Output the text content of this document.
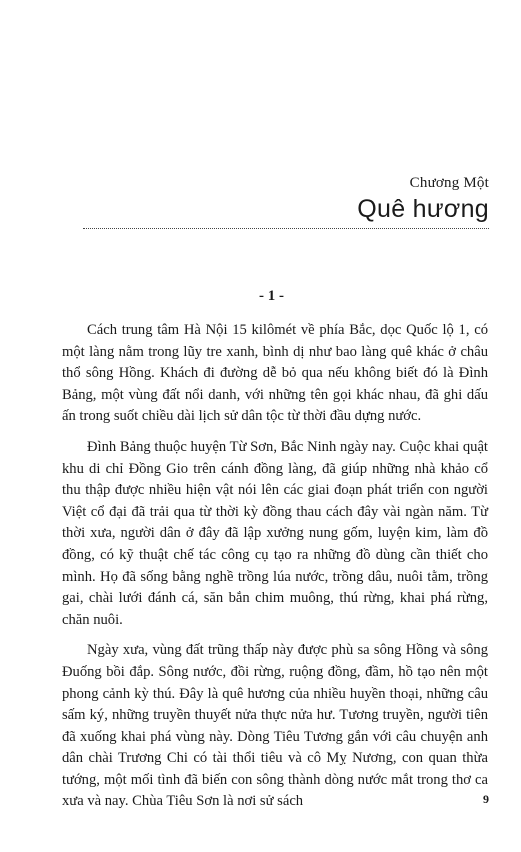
Chương Một
Quê hương
- 1 -

Cách trung tâm Hà Nội 15 kilômét về phía Bắc, dọc Quốc lộ 1, có một làng nằm trong lũy tre xanh, bình dị như bao làng quê khác ở châu thổ sông Hồng. Khách đi đường dễ bỏ qua nếu không biết đó là Đình Bảng, một vùng đất nổi danh, với những tên gọi khác nhau, đã ghi dấu ấn trong suốt chiều dài lịch sử dân tộc từ thời đầu dựng nước.

Đình Bảng thuộc huyện Từ Sơn, Bắc Ninh ngày nay. Cuộc khai quật khu di chỉ Đồng Gio trên cánh đồng làng, đã giúp những nhà khảo cổ thu thập được nhiều hiện vật nói lên các giai đoạn phát triển con người Việt cổ đại đã trải qua từ thời kỳ đồng thau cách đây vài ngàn năm. Từ thời xưa, người dân ở đây đã lập xưởng nung gốm, luyện kim, làm đồ đồng, có kỹ thuật chế tác công cụ tạo ra những đồ dùng cần thiết cho mình. Họ đã sống bằng nghề trồng lúa nước, trồng dâu, nuôi tằm, trồng gai, chài lưới đánh cá, săn bắn chim muông, thú rừng, khai phá rừng, chăn nuôi.

Ngày xưa, vùng đất trũng thấp này được phù sa sông Hồng và sông Đuống bồi đắp. Sông nước, đồi rừng, ruộng đồng, đầm, hồ tạo nên một phong cảnh kỳ thú. Đây là quê hương của nhiều huyền thoại, những câu sấm ký, những truyền thuyết nửa thực nửa hư. Tương truyền, người tiên đã xuống khai phá vùng này. Dòng Tiêu Tương gắn với câu chuyện anh dân chài Trương Chi có tài thổi tiêu và cô Mỵ Nương, con quan thừa tướng, một mối tình đã biến con sông thành dòng nước mắt trong thơ ca xưa và nay. Chùa Tiêu Sơn là nơi sử sách	9
